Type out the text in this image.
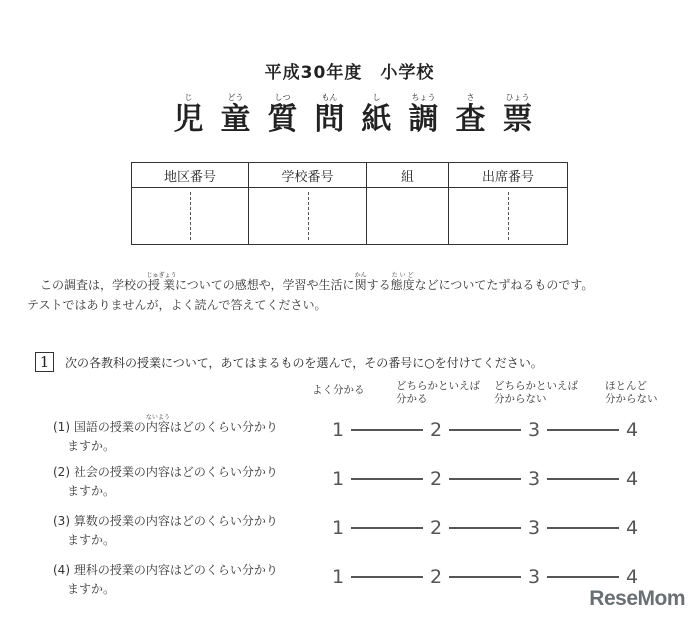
平成30年度　小学校
じ
児
どう
童
しつ
質
もん
問
し
紙
ちょう
調
さ
査
ひょう
票
地区番号	学校番号	組	出席番号

この調査は，学校の授業じゅぎょうについての感想や，学習や生活に関かんする態度たいどなどについてたずねるものです。
テストではありませんが，よく読んで答えてください。
1	次の各教科の授業について，あてはまるものを選んで，その番号に○を付けてください。
よく分かる	どちらかといえば
分かる
どちらかといえば
分からない
ほとんど
分からない
(1) 国語の授業の内容ないようはどのくらい分かり
ますか。
1	2	3	4
(2) 社会の授業の内容はどのくらい分かり
ますか。
1	2	3	4
(3) 算数の授業の内容はどのくらい分かり
ますか。
1	2	3	4
(4) 理科の授業の内容はどのくらい分かり
ますか。
1	2	3	4
ReseMom
